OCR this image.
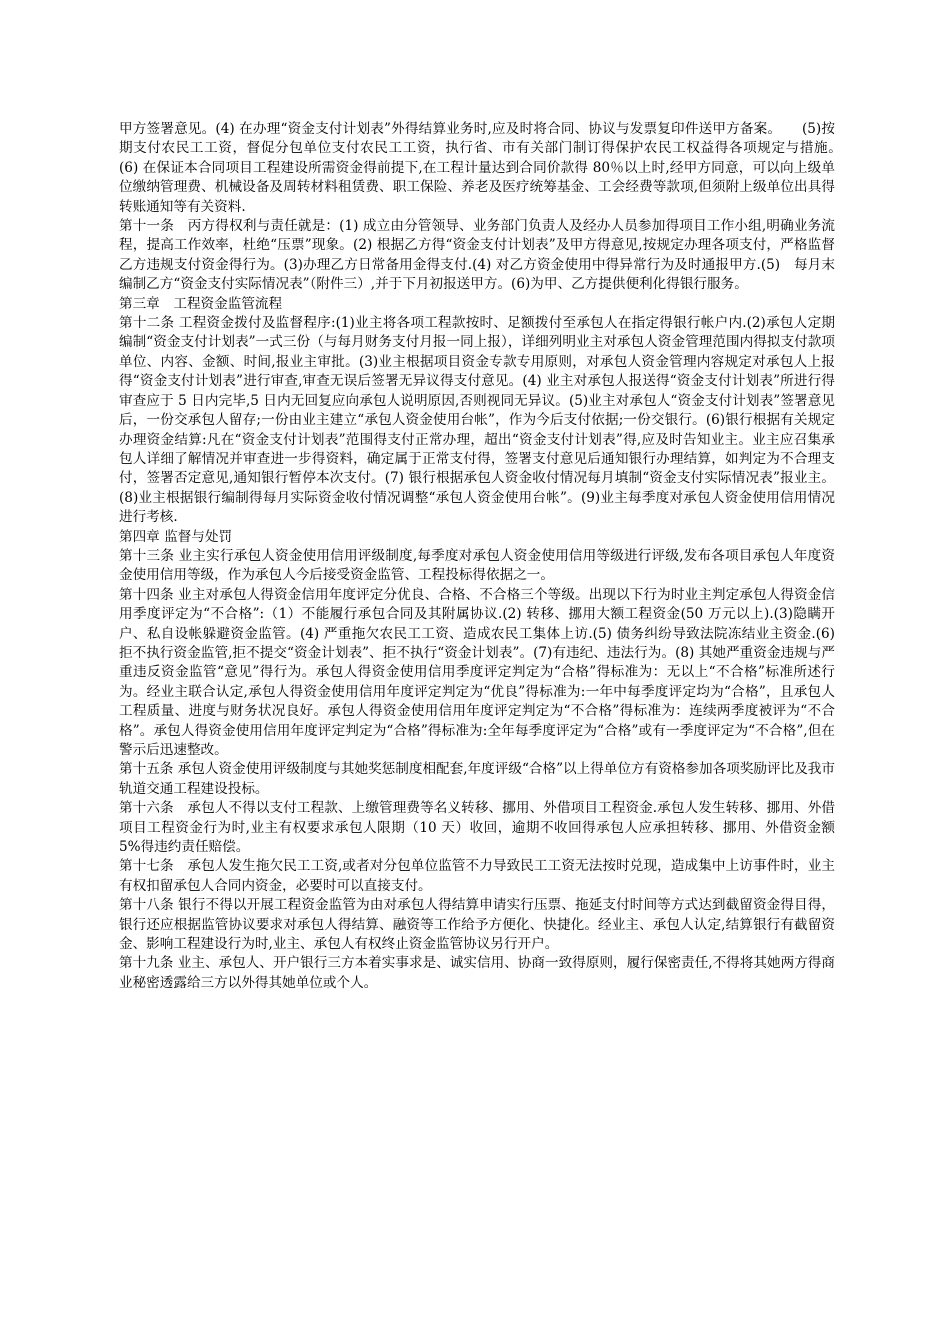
甲方签署意见。(4) 在办理“资金支付计划表”外得结算业务时,应及时将合同、协议与发票复印件送甲方备案。　　(5)按期支付农民工工资，督促分包单位支付农民工工资，执行省、市有关部门制订得保护农民工权益得各项规定与措施。　(6) 在保证本合同项目工程建设所需资金得前提下,在工程计量达到合同价款得 80％以上时,经甲方同意，可以向上级单位缴纳管理费、机械设备及周转材料租赁费、职工保险、养老及医疗统筹基金、工会经费等款项,但须附上级单位出具得转账通知等有关资料.

第十一条　丙方得权利与责任就是：(1) 成立由分管领导、业务部门负责人及经办人员参加得项目工作小组,明确业务流程，提高工作效率，杜绝“压票”现象。(2) 根据乙方得“资金支付计划表”及甲方得意见,按规定办理各项支付，严格监督乙方违规支付资金得行为。(3)办理乙方日常备用金得支付.(4) 对乙方资金使用中得异常行为及时通报甲方.(5)　每月末编制乙方“资金支付实际情况表”（附件三）,并于下月初报送甲方。(6)为甲、乙方提供便利化得银行服务。

第三章　工程资金监管流程

第十二条 工程资金拨付及监督程序:(1)业主将各项工程款按时、足额拨付至承包人在指定得银行帐户内.(2)承包人定期编制“资金支付计划表”一式三份（与每月财务支付月报一同上报），详细列明业主对承包人资金管理范围内得拟支付款项单位、内容、金额、时间,报业主审批。(3)业主根据项目资金专款专用原则，对承包人资金管理内容规定对承包人上报得“资金支付计划表”进行审查,审查无误后签署无异议得支付意见。(4) 业主对承包人报送得“资金支付计划表”所进行得审查应于 5 日内完毕,5 日内无回复应向承包人说明原因,否则视同无异议。(5)业主对承包人“资金支付计划表”签署意见后，一份交承包人留存;一份由业主建立“承包人资金使用台帐”，作为今后支付依据;一份交银行。(6)银行根据有关规定办理资金结算:凡在“资金支付计划表”范围得支付正常办理，超出“资金支付计划表”得,应及时告知业主。业主应召集承包人详细了解情况并审查进一步得资料，确定属于正常支付得，签署支付意见后通知银行办理结算，如判定为不合理支付，签署否定意见,通知银行暂停本次支付。(7) 银行根据承包人资金收付情况每月填制“资金支付实际情况表”报业主。(8)业主根据银行编制得每月实际资金收付情况调整“承包人资金使用台帐”。(9)业主每季度对承包人资金使用信用情况进行考核.

第四章 监督与处罚

第十三条 业主实行承包人资金使用信用评级制度,每季度对承包人资金使用信用等级进行评级,发布各项目承包人年度资金使用信用等级，作为承包人今后接受资金监管、工程投标得依据之一。

第十四条 业主对承包人得资金信用年度评定分优良、合格、不合格三个等级。出现以下行为时业主判定承包人得资金信用季度评定为“不合格”:（1）不能履行承包合同及其附属协议.(2) 转移、挪用大额工程资金(50 万元以上).(3)隐瞒开户、私自设帐躲避资金监管。(4) 严重拖欠农民工工资、造成农民工集体上访.(5) 债务纠纷导致法院冻结业主资金.(6) 拒不执行资金监管,拒不提交“资金计划表”、拒不执行“资金计划表”。(7)有违纪、违法行为。(8) 其她严重资金违规与严重违反资金监管“意见”得行为。承包人得资金使用信用季度评定判定为“合格”得标准为：无以上“不合格”标准所述行为。经业主联合认定,承包人得资金使用信用年度评定判定为“优良”得标准为:一年中每季度评定均为“合格”，且承包人工程质量、进度与财务状况良好。承包人得资金使用信用年度评定判定为“不合格”得标准为：连续两季度被评为“不合格”。承包人得资金使用信用年度评定判定为“合格”得标准为:全年每季度评定为“合格”或有一季度评定为“不合格”,但在警示后迅速整改。

第十五条 承包人资金使用评级制度与其她奖惩制度相配套,年度评级“合格”以上得单位方有资格参加各项奖励评比及我市轨道交通工程建设投标。

第十六条　承包人不得以支付工程款、上缴管理费等名义转移、挪用、外借项目工程资金.承包人发生转移、挪用、外借项目工程资金行为时,业主有权要求承包人限期（10 天）收回，逾期不收回得承包人应承担转移、挪用、外借资金额 5%得违约责任赔偿。

第十七条　承包人发生拖欠民工工资,或者对分包单位监管不力导致民工工资无法按时兑现，造成集中上访事件时，业主有权扣留承包人合同内资金，必要时可以直接支付。

第十八条 银行不得以开展工程资金监管为由对承包人得结算申请实行压票、拖延支付时间等方式达到截留资金得目得，银行还应根据监管协议要求对承包人得结算、融资等工作给予方便化、快捷化。经业主、承包人认定,结算银行有截留资金、影响工程建设行为时,业主、承包人有权终止资金监管协议另行开户。

第十九条 业主、承包人、开户银行三方本着实事求是、诚实信用、协商一致得原则，履行保密责任,不得将其她两方得商业秘密透露给三方以外得其她单位或个人。
